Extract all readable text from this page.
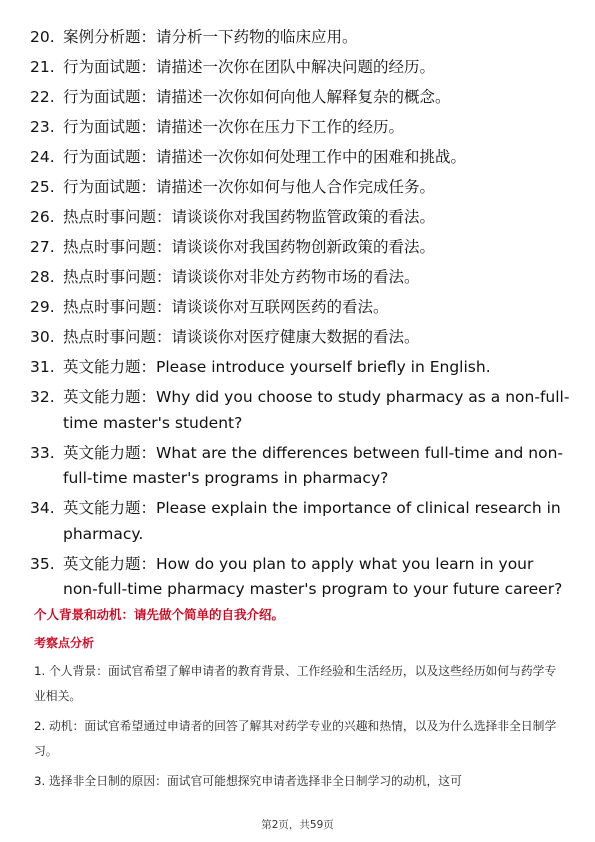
20. 案例分析题：请分析一下药物的临床应用。
21. 行为面试题：请描述一次你在团队中解决问题的经历。
22. 行为面试题：请描述一次你如何向他人解释复杂的概念。
23. 行为面试题：请描述一次你在压力下工作的经历。
24. 行为面试题：请描述一次你如何处理工作中的困难和挑战。
25. 行为面试题：请描述一次你如何与他人合作完成任务。
26. 热点时事问题：请谈谈你对我国药物监管政策的看法。
27. 热点时事问题：请谈谈你对我国药物创新政策的看法。
28. 热点时事问题：请谈谈你对非处方药物市场的看法。
29. 热点时事问题：请谈谈你对互联网医药的看法。
30. 热点时事问题：请谈谈你对医疗健康大数据的看法。
31. 英文能力题：Please introduce yourself briefly in English.
32. 英文能力题：Why did you choose to study pharmacy as a non-full-time master's student?
33. 英文能力题：What are the differences between full-time and non-full-time master's programs in pharmacy?
34. 英文能力题：Please explain the importance of clinical research in pharmacy.
35. 英文能力题：How do you plan to apply what you learn in your non-full-time pharmacy master's program to your future career?
个人背景和动机：请先做个简单的自我介绍。
考察点分析
1. 个人背景：面试官希望了解申请者的教育背景、工作经验和生活经历，以及这些经历如何与药学专业相关。
2. 动机：面试官希望通过申请者的回答了解其对药学专业的兴趣和热情，以及为什么选择非全日制学习。
3. 选择非全日制的原因：面试官可能想探究申请者选择非全日制学习的动机，这可
第2页，共59页
